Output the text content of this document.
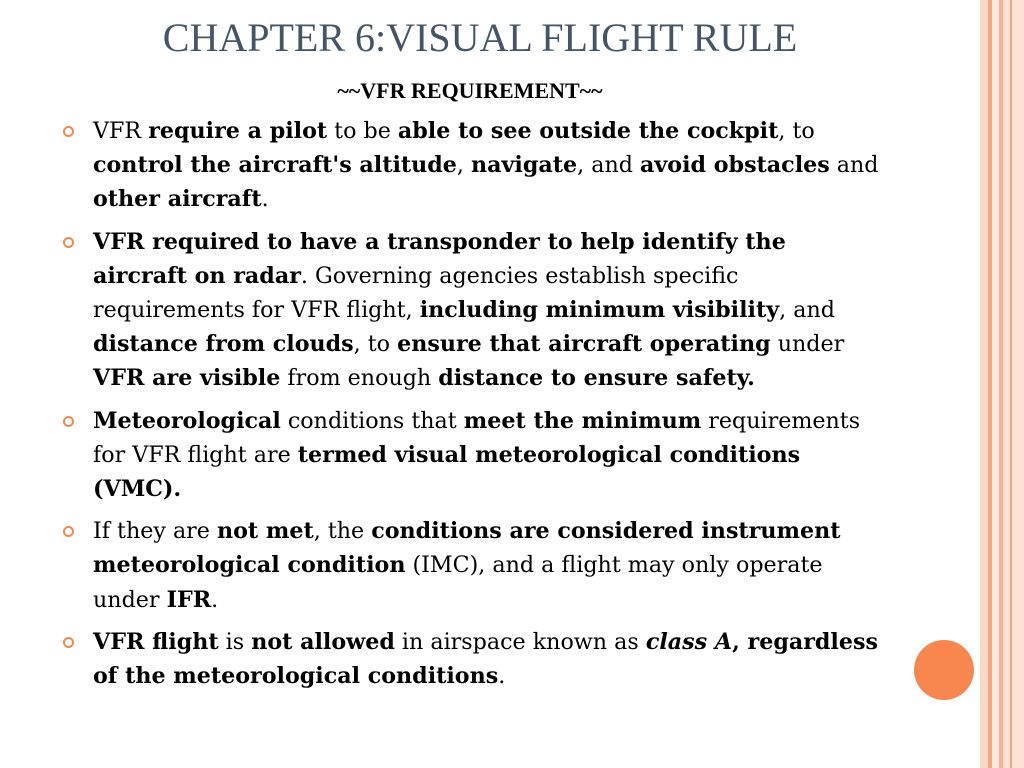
CHAPTER 6:VISUAL FLIGHT RULE
~~VFR REQUIREMENT~~
VFR require a pilot to be able to see outside the cockpit, to control the aircraft's altitude, navigate, and avoid obstacles and other aircraft.
VFR required to have a transponder to help identify the aircraft on radar. Governing agencies establish specific requirements for VFR flight, including minimum visibility, and distance from clouds, to ensure that aircraft operating under VFR are visible from enough distance to ensure safety.
Meteorological conditions that meet the minimum requirements for VFR flight are termed visual meteorological conditions (VMC).
If they are not met, the conditions are considered instrument meteorological condition (IMC), and a flight may only operate under IFR.
VFR flight is not allowed in airspace known as class A, regardless of the meteorological conditions.
